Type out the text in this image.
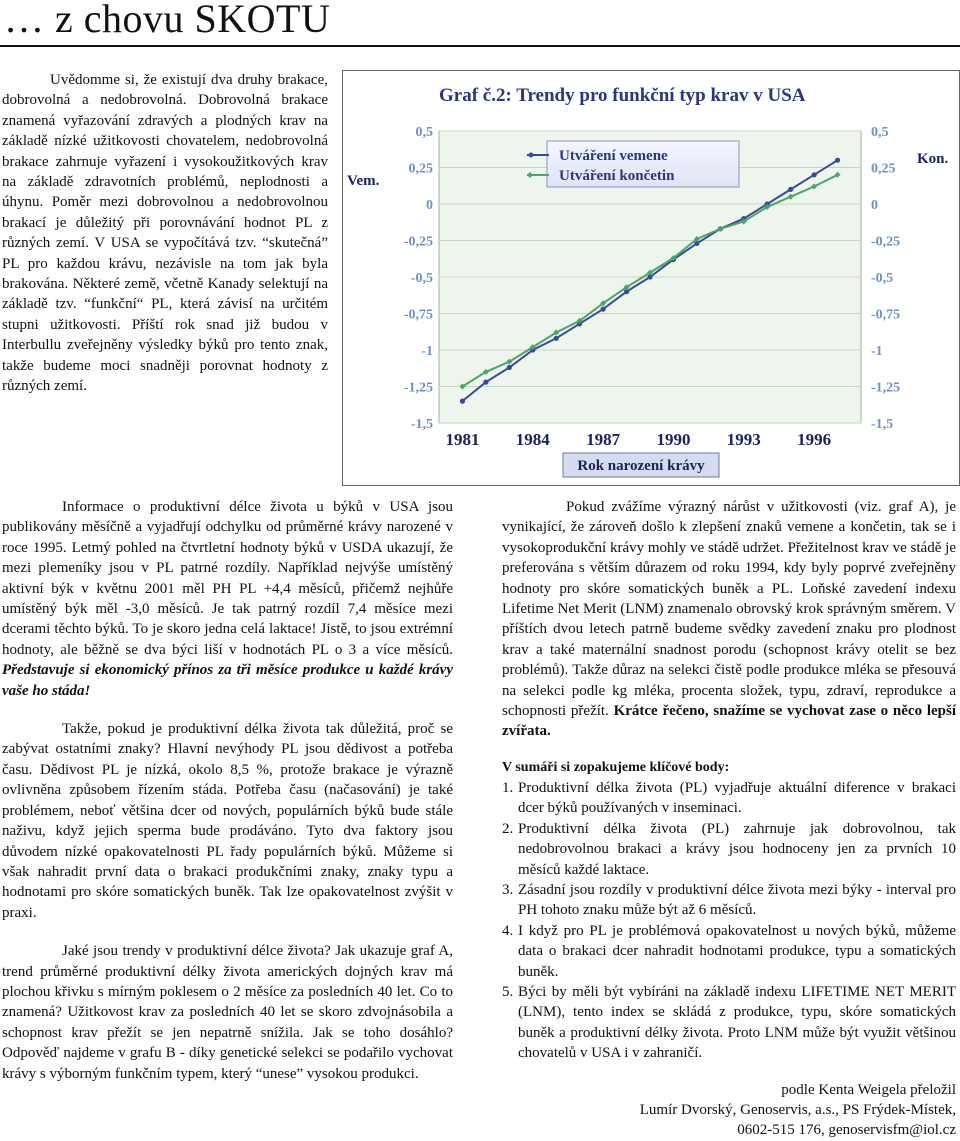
… z chovu SKOTU

Uvědomme si, že existují dva druhy brakace, dobrovolná a nedobrovolná. Dobrovolná brakace znamená vyřazování zdravých a plodných krav na základě nízké užitkovosti chovatelem, nedobrovolná brakace zahrnuje vyřazení i vysokoužitkových krav na základě zdravotních problémů, neplodnosti a úhynu. Poměr mezi dobrovolnou a nedobrovolnou brakací je důležitý při porovnávání hodnot PL z různých zemí. V USA se vypočítává tzv. “skutečná” PL pro každou krávu, nezávisle na tom jak byla brakována. Některé země, včetně Kanady selektují na základě tzv. “funkční“ PL, která závisí na určitém stupni užitkovosti. Příští rok snad již budou v Interbullu zveřejněny výsledky býků pro tento znak, takže budeme moci snadněji porovnat hodnoty z různých zemí.

Graf č.2: Trendy pro funkční typ krav v USA
Vem.
Kon.
0,5
0,25
0
-0,25
-0,5
-0,75
-1
-1,25
-1,5
0,5
0,25
0
-0,25
-0,5
-0,75
-1
-1,25
-1,5
1981 1984 1987 1990 1993 1996
Utváření vemene
Utváření končetin
Rok narození krávy

Informace o produktivní délce života u býků v USA jsou publikovány měsíčně a vyjadřují odchylku od průměrné krávy narozené v roce 1995. Letmý pohled na čtvrtletní hodnoty býků v USDA ukazují, že mezi plemeníky jsou v PL patrné rozdíly. Například nejvýše umístěný aktivní býk v květnu 2001 měl PH PL +4,4 měsíců, přičemž nejhůře umístěný býk měl -3,0 měsíců. Je tak patrný rozdíl 7,4 měsíce mezi dcerami těchto býků. To je skoro jedna celá laktace! Jistě, to jsou extrémní hodnoty, ale běžně se dva býci liší v hodnotách PL o 3 a více měsíců. Představuje si ekonomický přínos za tři měsíce produkce u každé krávy vaše ho stáda!

Takže, pokud je produktivní délka života tak důležitá, proč se zabývat ostatními znaky? Hlavní nevýhody PL jsou dědivost a potřeba času. Dědivost PL je nízká, okolo 8,5 %, protože brakace je výrazně ovlivněna způsobem řízením stáda. Potřeba času (načasování) je také problémem, neboť většina dcer od nových, populárních býků bude stále naživu, když jejich sperma bude prodáváno. Tyto dva faktory jsou důvodem nízké opakovatelnosti PL řady populárních býků. Můžeme si však nahradit první data o brakaci produkčními znaky, znaky typu a hodnotami pro skóre somatických buněk. Tak lze opakovatelnost zvýšit v praxi.

Jaké jsou trendy v produktivní délce života? Jak ukazuje graf A, trend průměrné produktivní délky života amerických dojných krav má plochou křivku s mírným poklesem o 2 měsíce za posledních 40 let. Co to znamená? Užitkovost krav za posledních 40 let se skoro zdvojnásobila a schopnost krav přežít se jen nepatrně snížila. Jak se toho dosáhlo? Odpověď najdeme v grafu B - díky genetické selekci se podařilo vychovat krávy s výborným funkčním typem, který “unese” vysokou produkci.

Pokud zvážíme výrazný nárůst v užitkovosti (viz. graf A), je vynikající, že zároveň došlo k zlepšení znaků vemene a končetin, tak se i vysokoprodukční krávy mohly ve stádě udržet. Přežitelnost krav ve stádě je preferována s větším důrazem od roku 1994, kdy byly poprvé zveřejněny hodnoty pro skóre somatických buněk a PL. Loňské zavedení indexu Lifetime Net Merit (LNM) znamenalo obrovský krok správným směrem. V příštích dvou letech patrně budeme svědky zavedení znaku pro plodnost krav a také maternální snadnost porodu (schopnost krávy otelit se bez problémů). Takže důraz na selekci čistě podle produkce mléka se přesouvá na selekci podle kg mléka, procenta složek, typu, zdraví, reprodukce a schopnosti přežít. Krátce řečeno, snažíme se vychovat zase o něco lepší zvířata.

V sumáři si zopakujeme klíčové body:

1. Produktivní délka života (PL) vyjadřuje aktuální diference v brakaci dcer býků používaných v inseminaci.
2. Produktivní délka života (PL) zahrnuje jak dobrovolnou, tak nedobrovolnou brakaci a krávy jsou hodnoceny jen za prvních 10 měsíců každé laktace.
3. Zásadní jsou rozdíly v produktivní délce života mezi býky - interval pro PH tohoto znaku může být až 6 měsíců.
4. I když pro PL je problémová opakovatelnost u nových býků, můžeme data o brakaci dcer nahradit hodnotami produkce, typu a somatických buněk.
5. Býci by měli být vybíráni na základě indexu LIFETIME NET MERIT (LNM), tento index se skládá z produkce, typu, skóre somatických buněk a produktivní délky života. Proto LNM může být využit většinou chovatelů v USA i v zahraničí.
podle Kenta Weigela přeložil
Lumír Dvorský, Genoservis, a.s., PS Frýdek-Místek,
0602-515 176, genoservisfm@iol.cz
